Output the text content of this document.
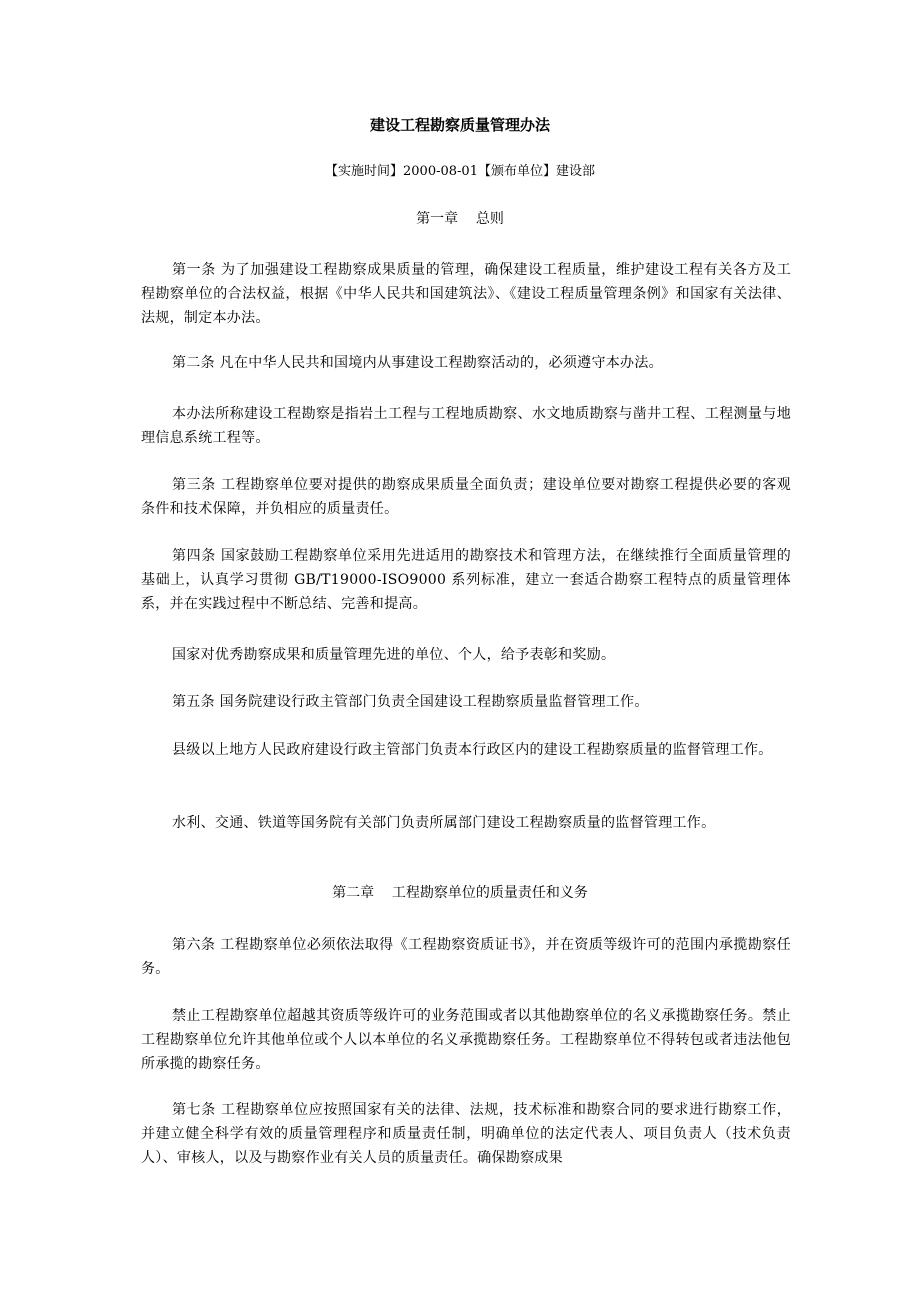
建设工程勘察质量管理办法

【实施时间】2000-08-01【颁布单位】建设部

第一章    总则

第一条 为了加强建设工程勘察成果质量的管理，确保建设工程质量，维护建设工程有关各方及工程勘察单位的合法权益，根据《中华人民共和国建筑法》、《建设工程质量管理条例》和国家有关法律、法规，制定本办法。

第二条 凡在中华人民共和国境内从事建设工程勘察活动的，必须遵守本办法。

本办法所称建设工程勘察是指岩土工程与工程地质勘察、水文地质勘察与凿井工程、工程测量与地理信息系统工程等。

第三条 工程勘察单位要对提供的勘察成果质量全面负责；建设单位要对勘察工程提供必要的客观条件和技术保障，并负相应的质量责任。

第四条 国家鼓励工程勘察单位采用先进适用的勘察技术和管理方法，在继续推行全面质量管理的基础上，认真学习贯彻 GB/T19000-ISO9000 系列标准，建立一套适合勘察工程特点的质量管理体系，并在实践过程中不断总结、完善和提高。

国家对优秀勘察成果和质量管理先进的单位、个人，给予表彰和奖励。

第五条 国务院建设行政主管部门负责全国建设工程勘察质量监督管理工作。

县级以上地方人民政府建设行政主管部门负责本行政区内的建设工程勘察质量的监督管理工作。

水利、交通、铁道等国务院有关部门负责所属部门建设工程勘察质量的监督管理工作。

第二章    工程勘察单位的质量责任和义务

第六条 工程勘察单位必须依法取得《工程勘察资质证书》，并在资质等级许可的范围内承揽勘察任务。

禁止工程勘察单位超越其资质等级许可的业务范围或者以其他勘察单位的名义承揽勘察任务。禁止工程勘察单位允许其他单位或个人以本单位的名义承揽勘察任务。工程勘察单位不得转包或者违法他包所承揽的勘察任务。

第七条 工程勘察单位应按照国家有关的法律、法规，技术标准和勘察合同的要求进行勘察工作，并建立健全科学有效的质量管理程序和质量责任制，明确单位的法定代表人、项目负责人（技术负责人）、审核人，以及与勘察作业有关人员的质量责任。确保勘察成果
